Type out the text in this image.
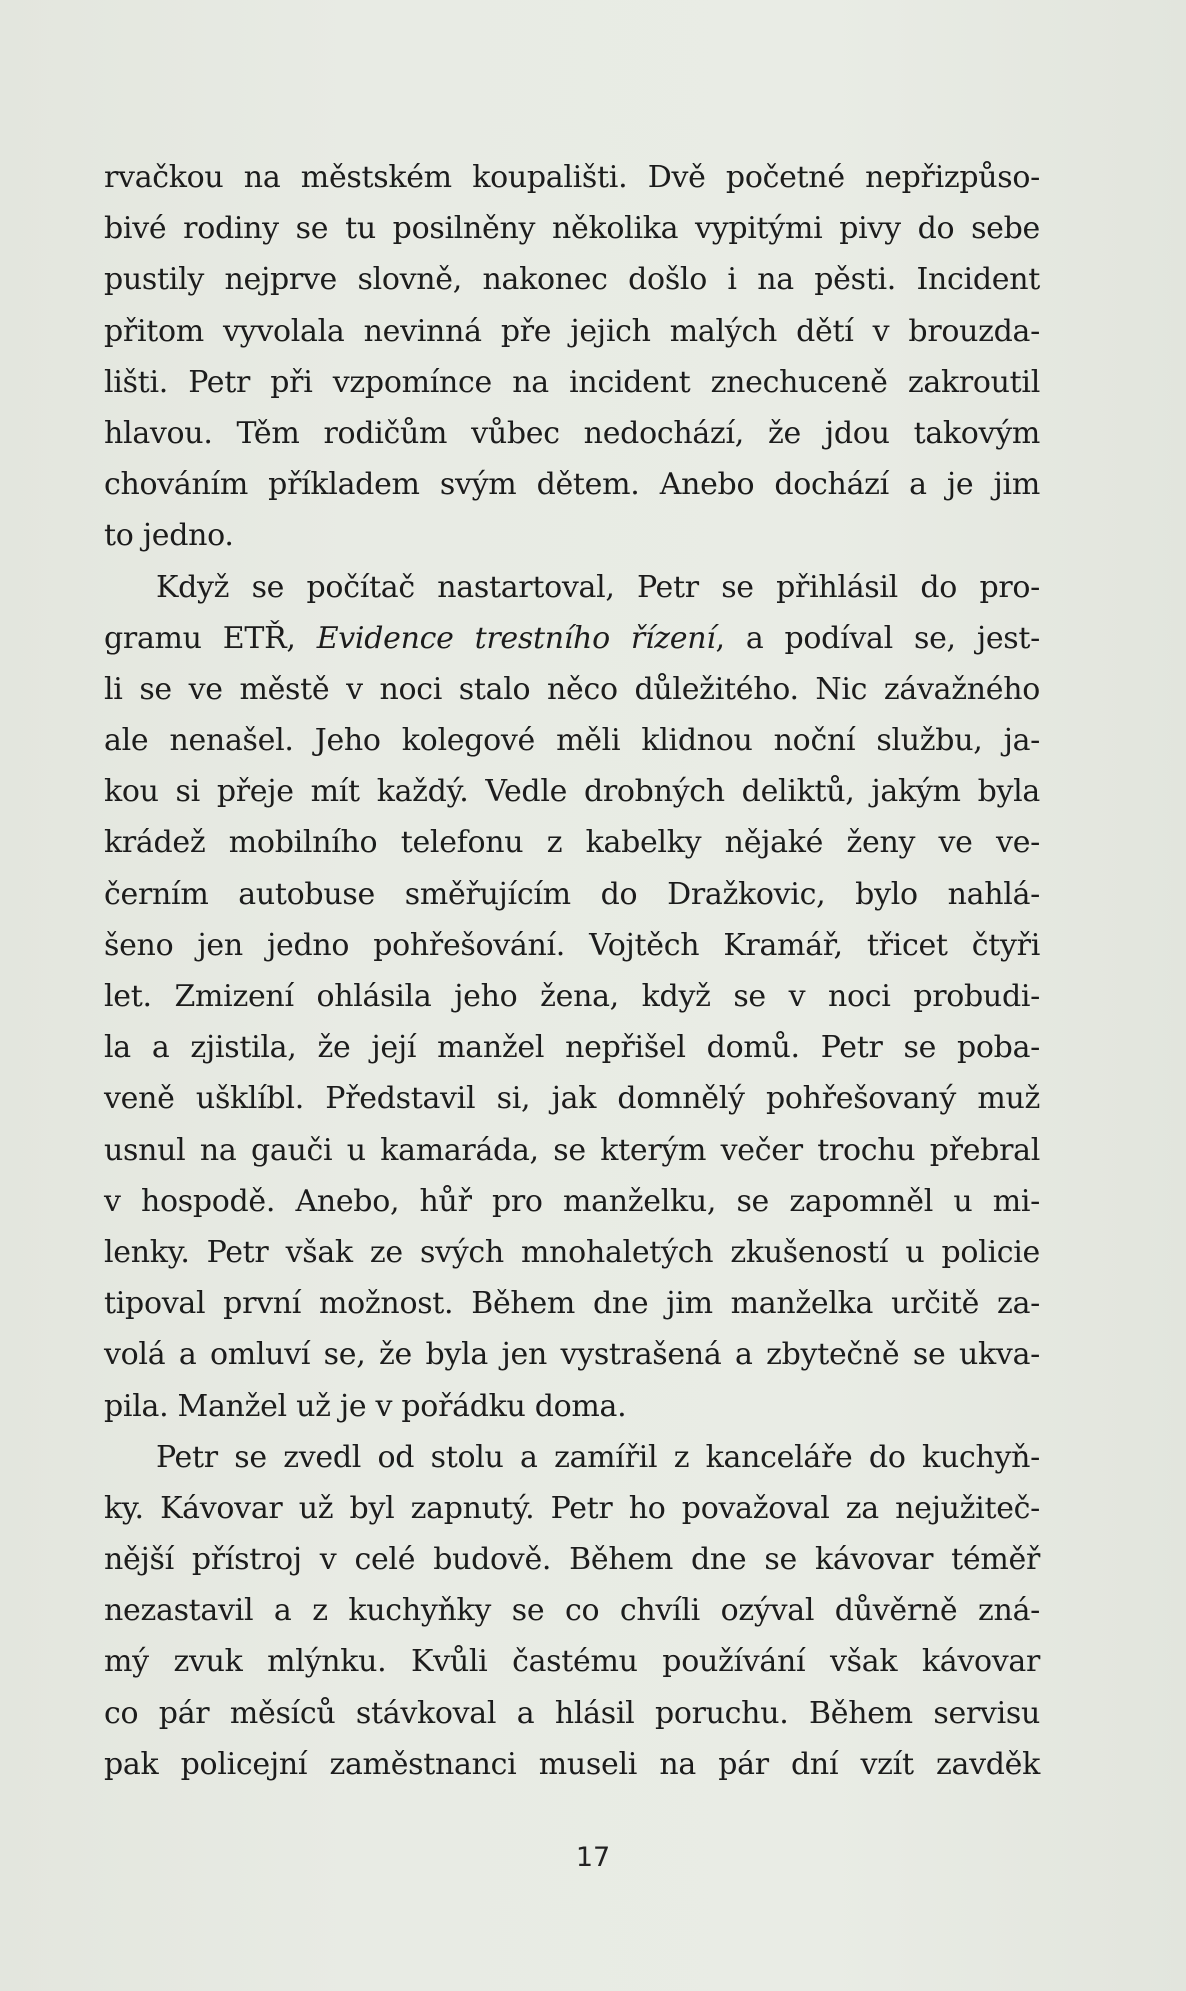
rvačkou na městském koupališti. Dvě početné nepřizpůso-
bivé rodiny se tu posilněny několika vypitými pivy do sebe
pustily nejprve slovně, nakonec došlo i na pěsti. Incident
přitom vyvolala nevinná pře jejich malých dětí v brouzda-
lišti. Petr při vzpomínce na incident znechuceně zakroutil
hlavou. Těm rodičům vůbec nedochází, že jdou takovým
chováním příkladem svým dětem. Anebo dochází a je jim
to jedno.
Když se počítač nastartoval, Petr se přihlásil do pro-
gramu ETŘ, Evidence trestního řízení, a podíval se, jest-
li se ve městě v noci stalo něco důležitého. Nic závažného
ale nenašel. Jeho kolegové měli klidnou noční službu, ja-
kou si přeje mít každý. Vedle drobných deliktů, jakým byla
krádež mobilního telefonu z kabelky nějaké ženy ve ve-
černím autobuse směřujícím do Dražkovic, bylo nahlá-
šeno jen jedno pohřešování. Vojtěch Kramář, třicet čtyři
let. Zmizení ohlásila jeho žena, když se v noci probudi-
la a zjistila, že její manžel nepřišel domů. Petr se poba-
veně ušklíbl. Představil si, jak domnělý pohřešovaný muž
usnul na gauči u kamaráda, se kterým večer trochu přebral
v hospodě. Anebo, hůř pro manželku, se zapomněl u mi-
lenky. Petr však ze svých mnohaletých zkušeností u policie
tipoval první možnost. Během dne jim manželka určitě za-
volá a omluví se, že byla jen vystrašená a zbytečně se ukva-
pila. Manžel už je v pořádku doma.
Petr se zvedl od stolu a zamířil z kanceláře do kuchyň-
ky. Kávovar už byl zapnutý. Petr ho považoval za nejužiteč-
nější přístroj v celé budově. Během dne se kávovar téměř
nezastavil a z kuchyňky se co chvíli ozýval důvěrně zná-
mý zvuk mlýnku. Kvůli častému používání však kávovar
co pár měsíců stávkoval a hlásil poruchu. Během servisu
pak policejní zaměstnanci museli na pár dní vzít zavděk
17
